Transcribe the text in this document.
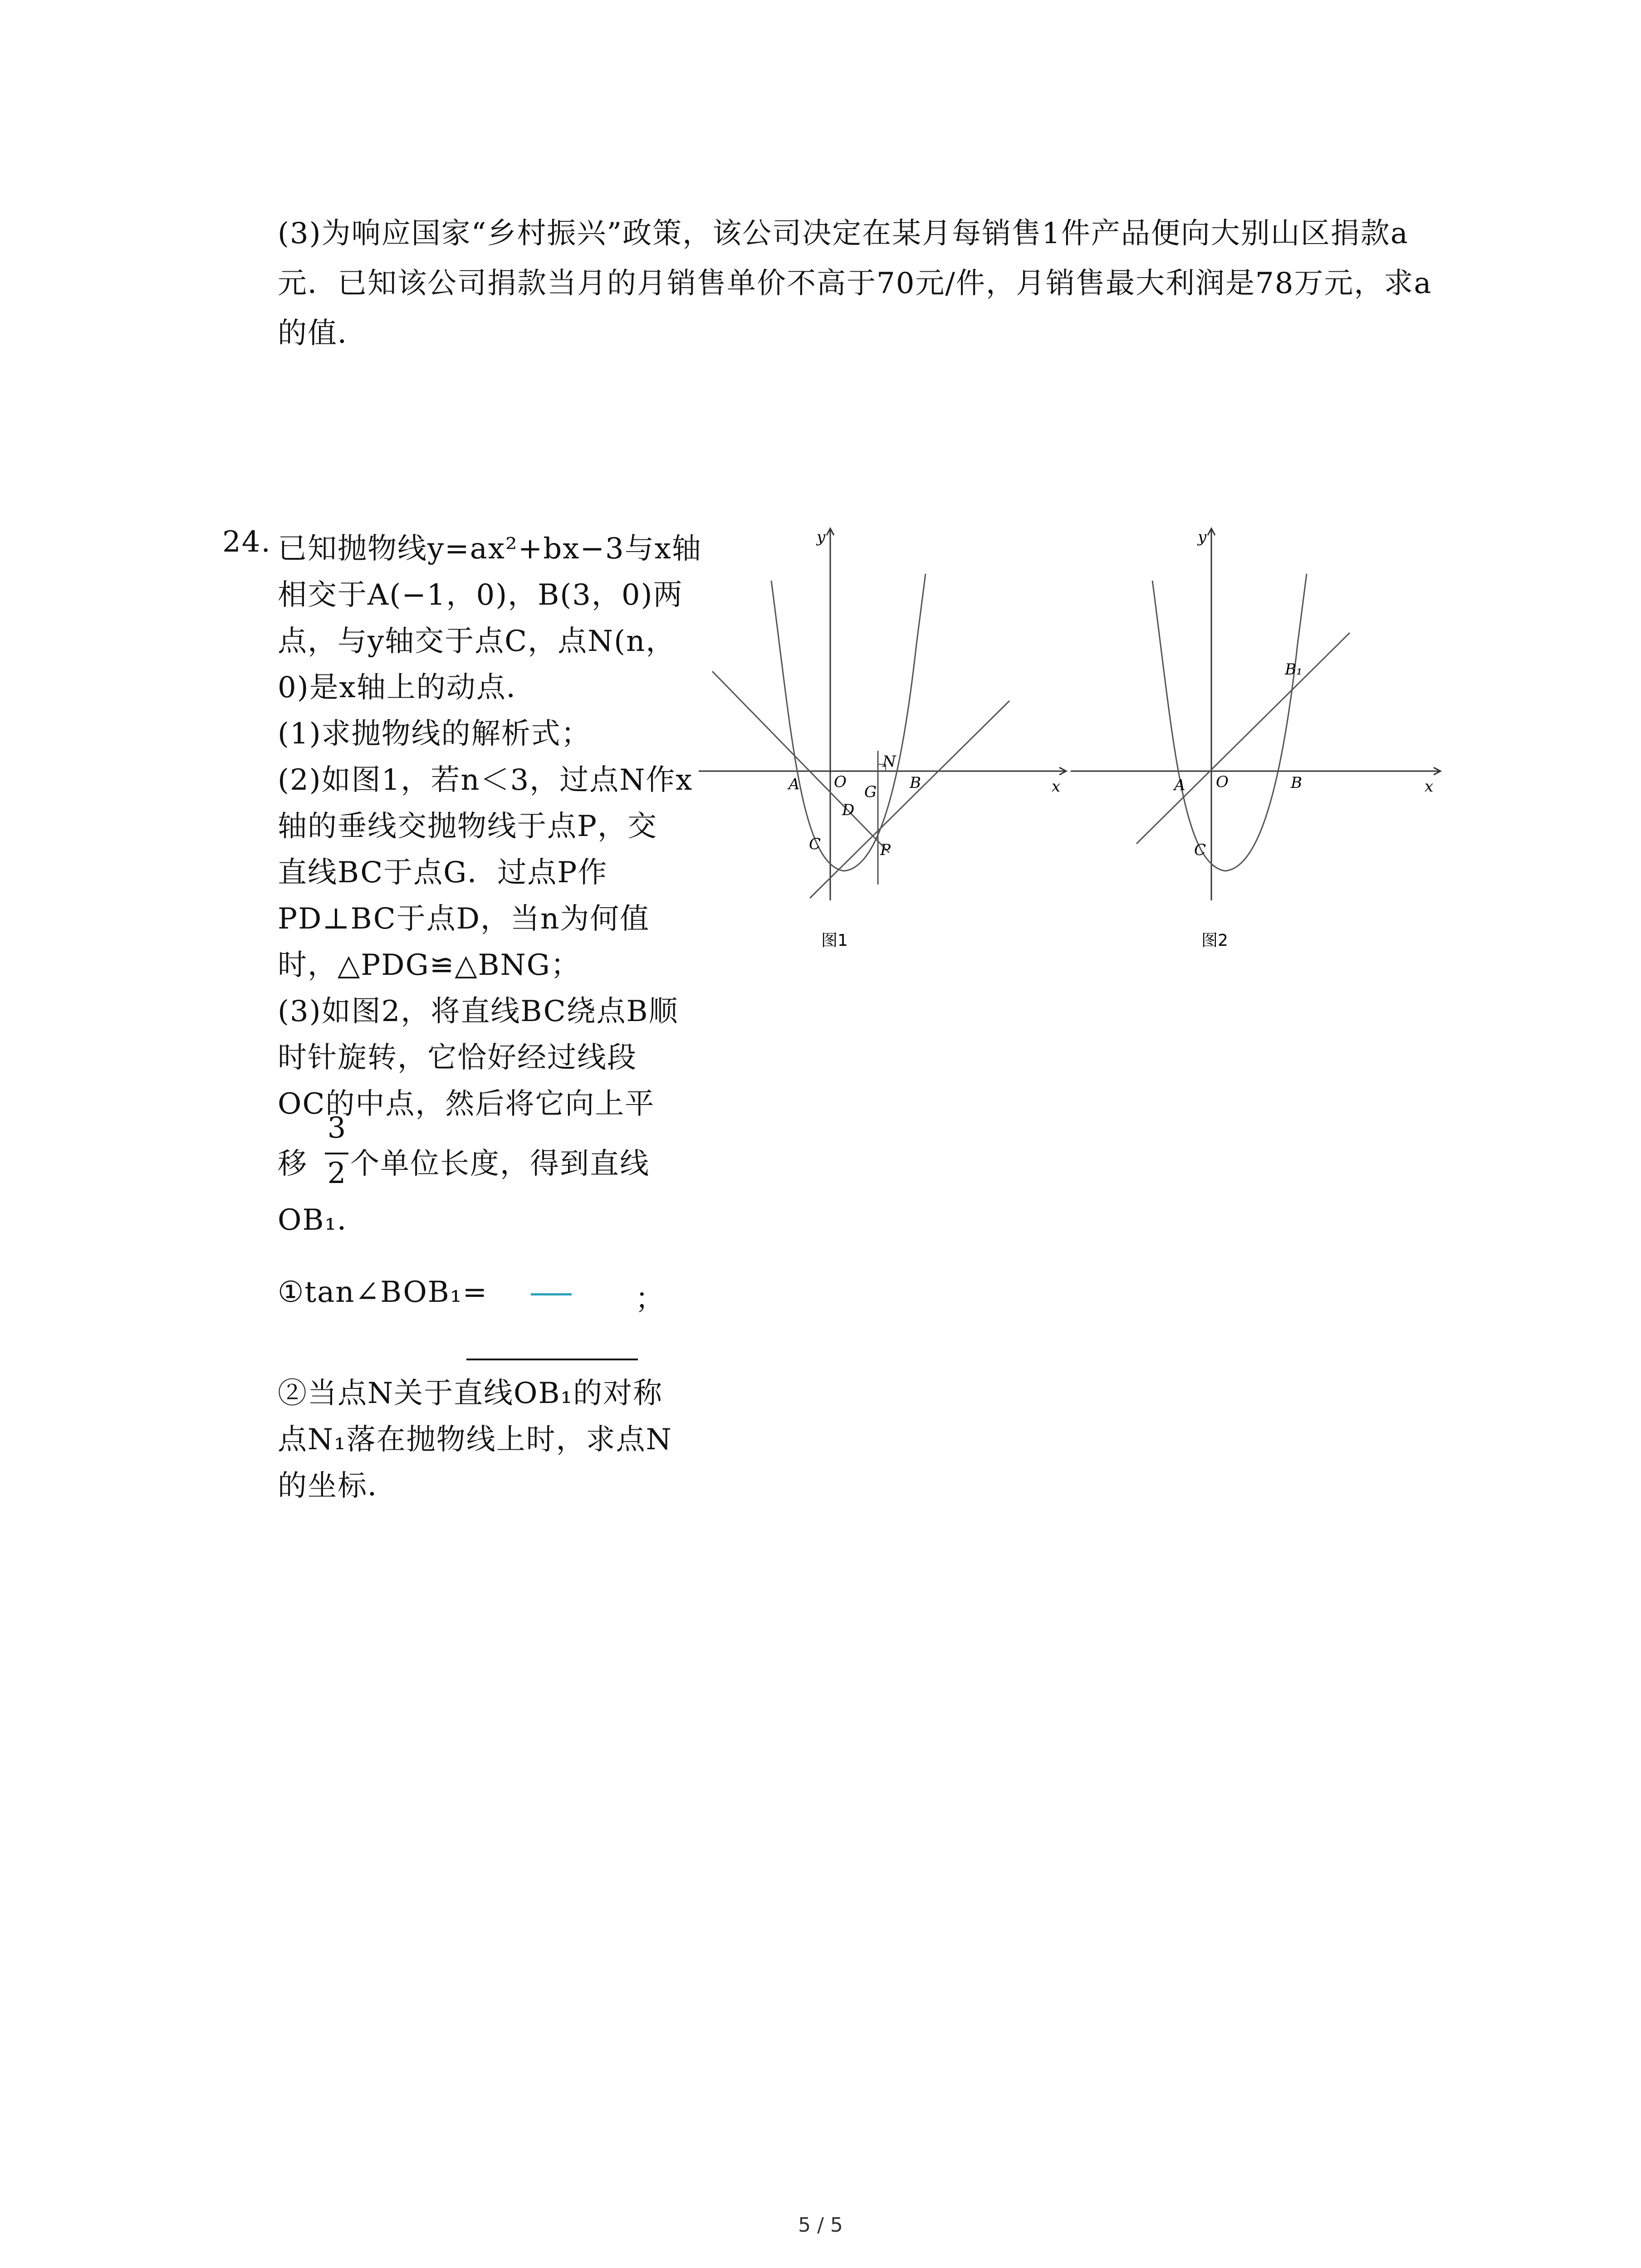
(3)为响应国家“乡村振兴”政策，该公司决定在某月每销售1件产品便向大别山区捐款a
元．已知该公司捐款当月的月销售单价不高于70元/件，月销售最大利润是78万元，求a
的值．
24. 已知抛物线y=ax²+bx−3与x轴
相交于A(−1，0)，B(3，0)两
点，与y轴交于点C，点N(n，
0)是x轴上的动点．
(1)求抛物线的解析式；
(2)如图1，若n＜3，过点N作x
轴的垂线交抛物线于点P，交
直线BC于点G．过点P作
PD⊥BC于点D，当n为何值
时，△PDG≌△BNG；
(3)如图2，将直线BC绕点B顺
时针旋转，它恰好经过线段
OC的中点，然后将它向上平
移 个单位长度，得到直线
OB₁．
①tan∠BOB₁=	；
②当点N关于直线OB₁的对称
点N₁落在抛物线上时，求点N
的坐标．
3
2
y
x
A O
N
B
G
D
C	P
图1
y
x
B₁
A O	B
C
图2
5 / 5
